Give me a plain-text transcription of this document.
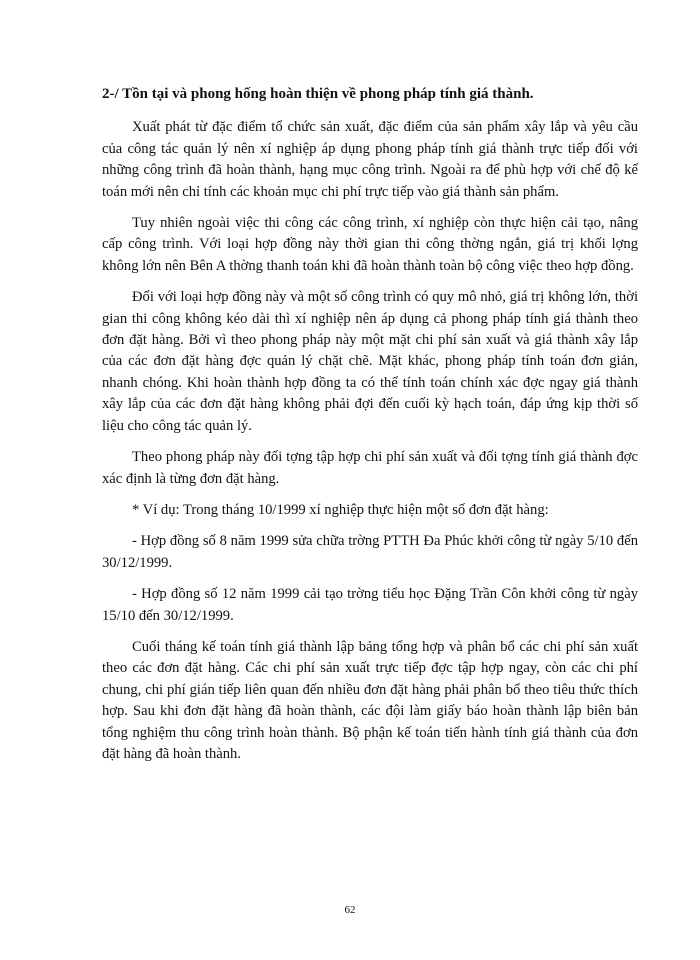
2-/ Tồn tại và phong hống hoàn thiện về phong pháp tính giá thành.

Xuất phát từ đặc điểm tổ chức sản xuất, đặc điểm của sản phẩm xây lắp và yêu cầu của công tác quản lý nên xí nghiệp áp dụng phong pháp tính giá thành trực tiếp đối với những công trình đã hoàn thành, hạng mục công trình. Ngoài ra để phù hợp với chế độ kế toán mới nên chỉ tính các khoản mục chi phí trực tiếp vào giá thành sản phẩm.

Tuy nhiên ngoài việc thi công các công trình, xí nghiệp còn thực hiện cải tạo, nâng cấp công trình. Với loại hợp đồng này thời gian thi công thờng ngắn, giá trị khối lợng không lớn nên Bên A thờng thanh toán khi đã hoàn thành toàn bộ công việc theo hợp đồng.

Đối với loại hợp đồng này và một số công trình có quy mô nhỏ, giá trị không lớn, thời gian thi công không kéo dài thì xí nghiệp nên áp dụng cả phong pháp tính giá thành theo đơn đặt hàng. Bởi vì theo phong pháp này một mặt chi phí sản xuất và giá thành xây lắp của các đơn đặt hàng đợc quản lý chặt chẽ. Mặt khác, phong pháp tính toán đơn giản, nhanh chóng. Khi hoàn thành hợp đồng ta có thể tính toán chính xác đợc ngay giá thành xây lắp của các đơn đặt hàng không phải đợi đến cuối kỳ hạch toán, đáp ứng kịp thời số liệu cho công tác quản lý.

Theo phong pháp này đối tợng tập hợp chi phí sản xuất và đối tợng tính giá thành đợc xác định là từng đơn đặt hàng.

* Ví dụ: Trong tháng 10/1999 xí nghiệp thực hiện một số đơn đặt hàng:

- Hợp đồng số 8 năm 1999 sửa chữa trờng PTTH Đa Phúc khởi công từ ngày 5/10 đến 30/12/1999.

- Hợp đồng số 12 năm 1999 cải tạo trờng tiểu học Đặng Trần Côn khởi công từ ngày 15/10 đến 30/12/1999.

Cuối tháng kế toán tính giá thành lập bảng tổng hợp và phân bổ các chi phí sản xuất theo các đơn đặt hàng. Các chi phí sản xuất trực tiếp đợc tập hợp ngay, còn các chi phí chung, chi phí gián tiếp liên quan đến nhiều đơn đặt hàng phải phân bổ theo tiêu thức thích hợp. Sau khi đơn đặt hàng đã hoàn thành, các đội làm giấy báo hoàn thành lập biên bản tổng nghiệm thu công trình hoàn thành. Bộ phận kế toán tiến hành tính giá thành của đơn đặt hàng đã hoàn thành.

62
